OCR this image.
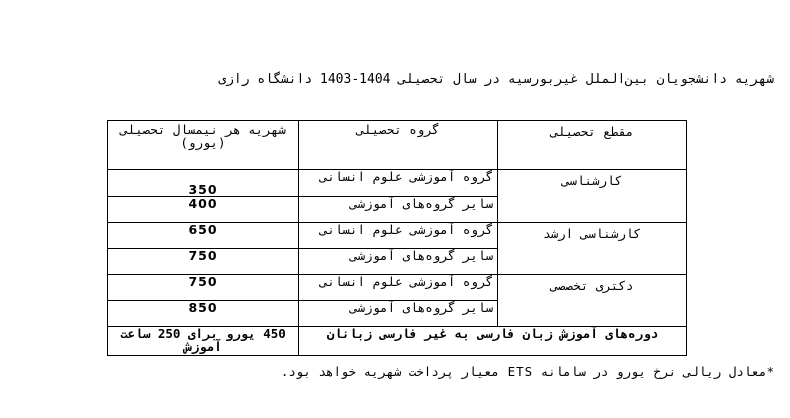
شهریه دانشجویان بین‌الملل غیربورسیه در سال تحصیلی 1404-1403 دانشگاه رازی
مقطع تحصیلی	گروه تحصیلی	شهریه هر نیمسال تحصیلی (یورو)
کارشناسی	گروه آموزشی علوم انسانی	350

	سایر گروه‌های آموزشی	400
کارشناسی ارشد	گروه آموزشی علوم انسانی	650
	سایر گروه‌های آموزشی	750
دکتری تخصصی	گروه آموزشی علوم انسانی	750
	سایر گروه‌های آموزشی	850
دوره‌های آموزش زبان فارسی به غیر فارسی زبانان		450 یورو برای 250 ساعت آموزش
*معادل ریالی نرخ یورو در سامانه ETS معیار پرداخت شهریه خواهد بود.
